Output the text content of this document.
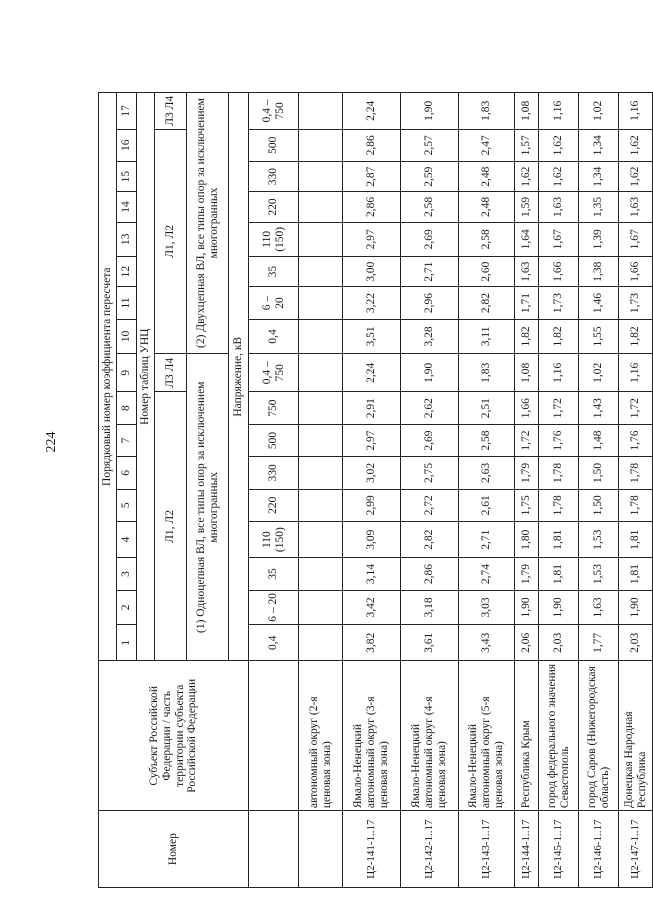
224
Номер	Субъект Российской Федерации / часть территории субъекта Российской Федерации	Порядковый номер коэффициента пересчета																
		1	2	3	4	5	6	7	8	9	10	11	12	13	14	15	16	17
		Номер таблиц УНЦ																
		Л1, Л2								Л3 Л4	Л1, Л2							Л3 Л4
		(1) Одноцепная ВЛ, все типы опор за исключением многогранных									(2) Двухцепная ВЛ, все типы опор за исключением многогранных							
		Напряжение, кВ																
		0,4	6 – 20	35	110 (150)	220	330	500	750	0,4 – 750	0,4	6 – 20	35	110 (150)	220	330	500	0,4 – 750
	автономный округ (2-я ценовая зона)																	
Ц2-141-1..17	Ямало-Ненецкий автономный округ (3-я ценовая зона)	3,82	3,42	3,14	3,09	2,99	3,02	2,97	2,91	2,24	3,51	3,22	3,00	2,97	2,86	2,87	2,86	2,24
Ц2-142-1..17	Ямало-Ненецкий автономный округ (4-я ценовая зона)	3,61	3,18	2,86	2,82	2,72	2,75	2,69	2,62	1,90	3,28	2,96	2,71	2,69	2,58	2,59	2,57	1,90
Ц2-143-1..17	Ямало-Ненецкий автономный округ (5-я ценовая зона)	3,43	3,03	2,74	2,71	2,61	2,63	2,58	2,51	1,83	3,11	2,82	2,60	2,58	2,48	2,48	2,47	1,83
Ц2-144-1..17	Республика Крым	2,06	1,90	1,79	1,80	1,75	1,79	1,72	1,66	1,08	1,82	1,71	1,63	1,64	1,59	1,62	1,57	1,08
Ц2-145-1..17	город федерального значения Севастополь	2,03	1,90	1,81	1,81	1,78	1,78	1,76	1,72	1,16	1,82	1,73	1,66	1,67	1,63	1,62	1,62	1,16
Ц2-146-1..17	город Саров (Нижегородская область)	1,77	1,63	1,53	1,53	1,50	1,50	1,48	1,43	1,02	1,55	1,46	1,38	1,39	1,35	1,34	1,34	1,02
Ц2-147-1..17	Донецкая Народная Республика	2,03	1,90	1,81	1,81	1,78	1,78	1,76	1,72	1,16	1,82	1,73	1,66	1,67	1,63	1,62	1,62	1,16
